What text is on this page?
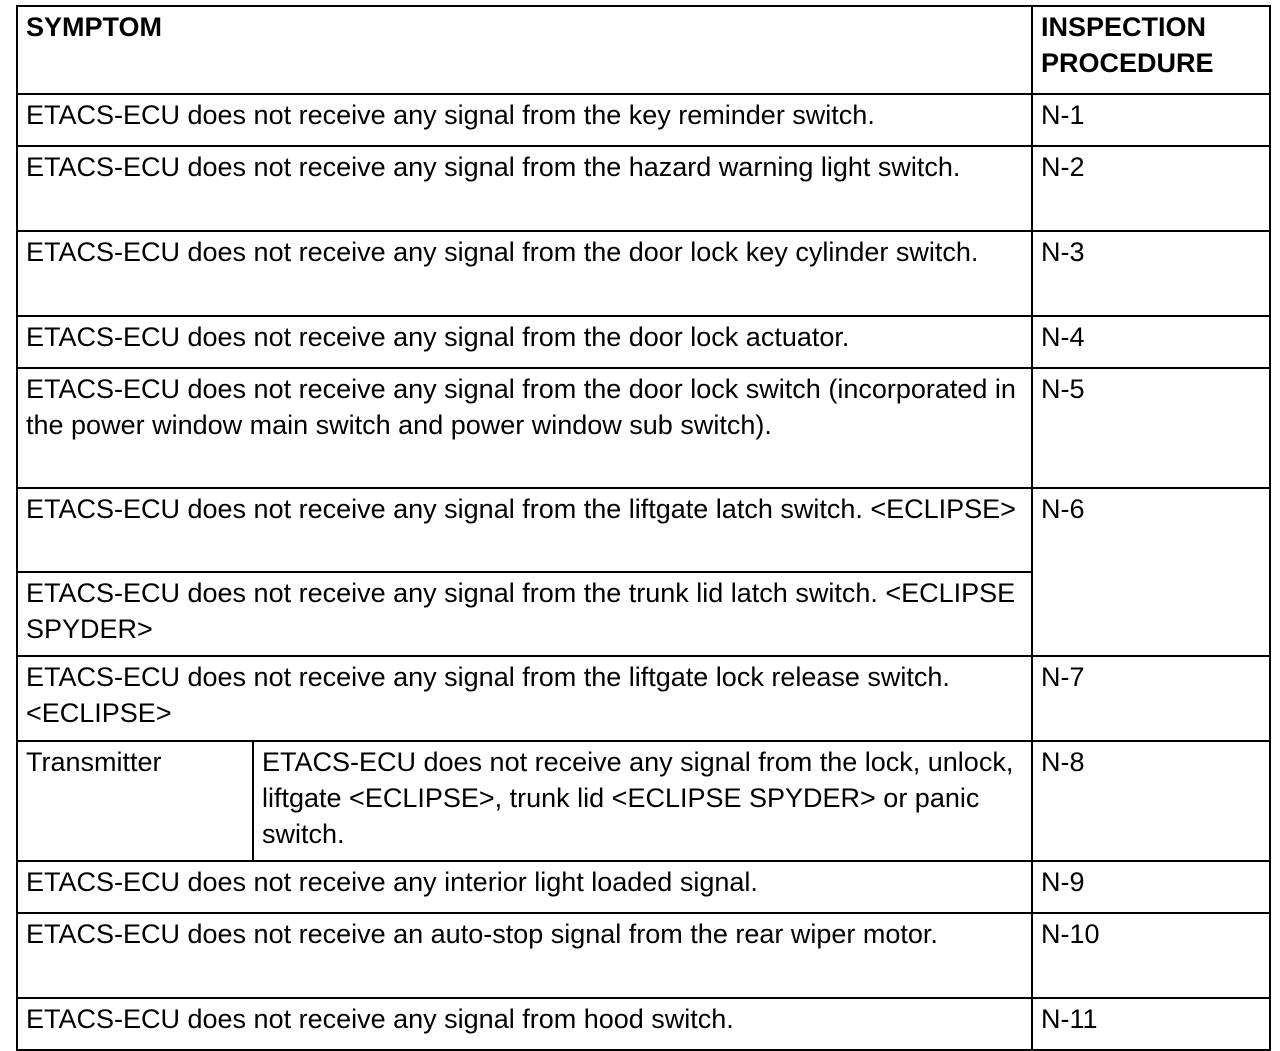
SYMPTOM		INSPECTION PROCEDURE
ETACS-ECU does not receive any signal from the key reminder switch.		N-1
ETACS-ECU does not receive any signal from the hazard warning light switch.		N-2
ETACS-ECU does not receive any signal from the door lock key cylinder switch.		N-3
ETACS-ECU does not receive any signal from the door lock actuator.		N-4
ETACS-ECU does not receive any signal from the door lock switch (incorporated in the power window main switch and power window sub switch).		N-5
ETACS-ECU does not receive any signal from the liftgate latch switch. <ECLIPSE>		N-6
ETACS-ECU does not receive any signal from the trunk lid latch switch. <ECLIPSE SPYDER>		
ETACS-ECU does not receive any signal from the liftgate lock release switch. <ECLIPSE>		N-7
Transmitter	ETACS-ECU does not receive any signal from the lock, unlock, liftgate <ECLIPSE>, trunk lid <ECLIPSE SPYDER> or panic switch.	N-8
ETACS-ECU does not receive any interior light loaded signal.		N-9
ETACS-ECU does not receive an auto-stop signal from the rear wiper motor.		N-10
ETACS-ECU does not receive any signal from hood switch.		N-11
